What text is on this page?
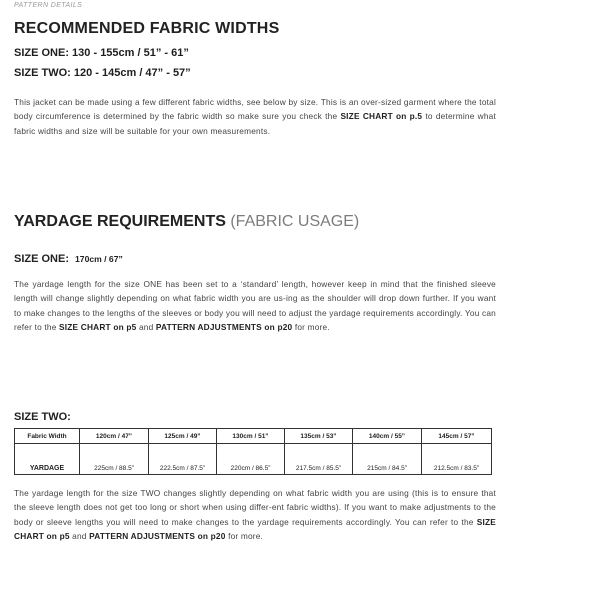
PATTERN DETAILS
RECOMMENDED FABRIC WIDTHS
SIZE ONE: 130 - 155cm / 51” - 61”
SIZE TWO: 120 - 145cm / 47” - 57”
This jacket can be made using a few different fabric widths, see below by size. This is an over-sized garment where the total body circumference is determined by the fabric width so make sure you check the SIZE CHART on p.5 to determine what fabric widths and size will be suitable for your own measurements.
YARDAGE REQUIREMENTS (FABRIC USAGE)
SIZE ONE: 170cm / 67”
The yardage length for the size ONE has been set to a ‘standard’ length, however keep in mind that the finished sleeve length will change slightly depending on what fabric width you are us-ing as the shoulder will drop down further. If you want to make changes to the lengths of the sleeves or body you will need to adjust the yardage requirements accordingly. You can refer to the SIZE CHART on p5 and PATTERN ADJUSTMENTS on p20 for more.
SIZE TWO:
Fabric Width	120cm / 47”	125cm / 49”	130cm / 51”	135cm / 53”	140cm / 55”	145cm / 57”
YARDAGE	225cm / 88.5”	222.5cm / 87.5”	220cm / 86.5”	217.5cm / 85.5”	215cm / 84.5”	212.5cm / 83.5”
The yardage length for the size TWO changes slightly depending on what fabric width you are using (this is to ensure that the sleeve length does not get too long or short when using differ-ent fabric widths). If you want to make adjustments to the body or sleeve lengths you will need to make changes to the yardage requirements accordingly. You can refer to the SIZE CHART on p5 and PATTERN ADJUSTMENTS on p20 for more.
